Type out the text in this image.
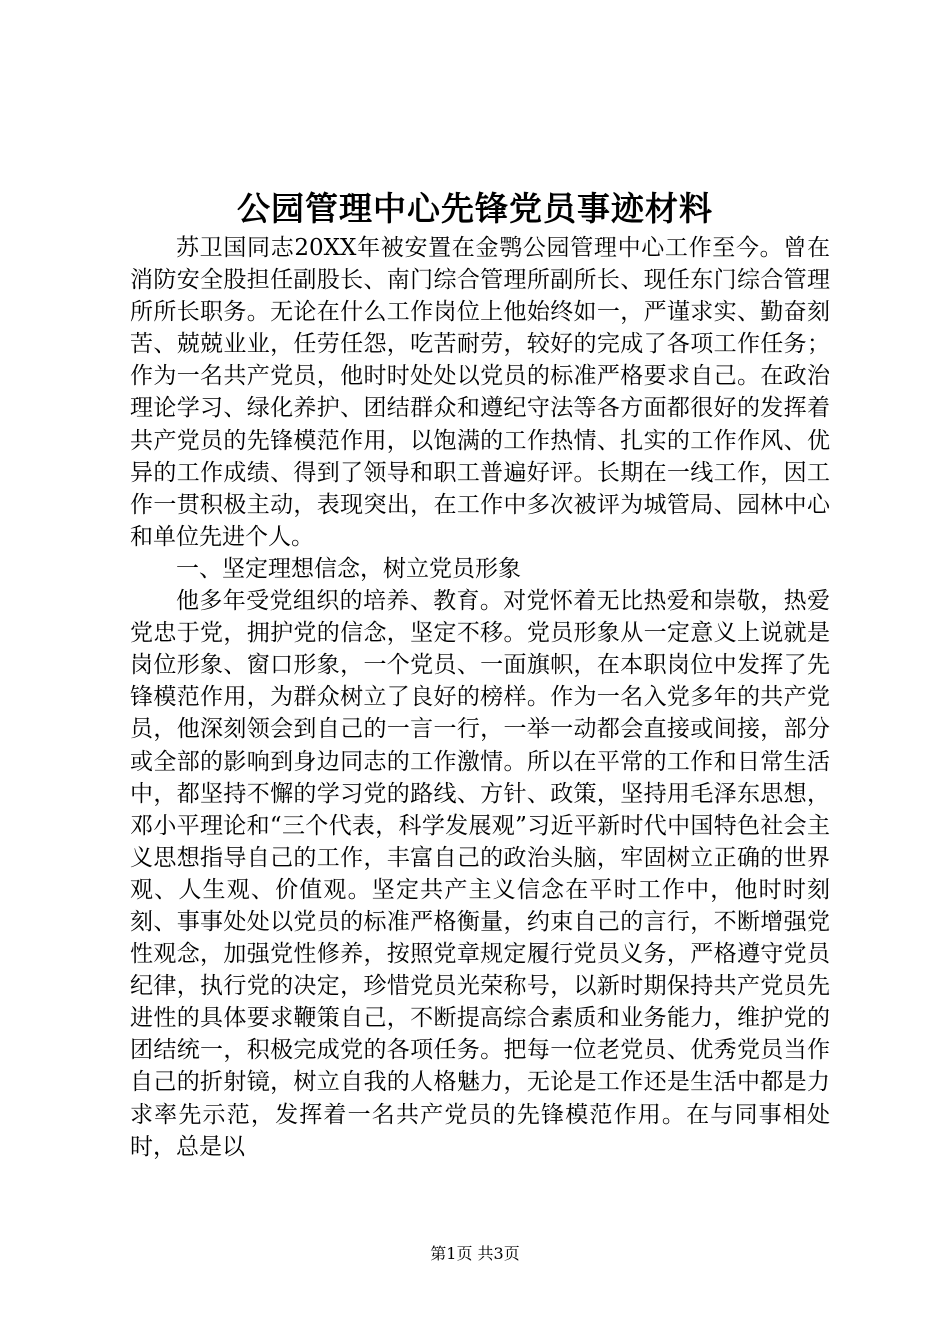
公园管理中心先锋党员事迹材料

苏卫国同志20XX年被安置在金鹗公园管理中心工作至今。曾在消防安全股担任副股长、南门综合管理所副所长、现任东门综合管理所所长职务。无论在什么工作岗位上他始终如一，严谨求实、勤奋刻苦、兢兢业业，任劳任怨，吃苦耐劳，较好的完成了各项工作任务；作为一名共产党员，他时时处处以党员的标准严格要求自己。在政治理论学习、绿化养护、团结群众和遵纪守法等各方面都很好的发挥着共产党员的先锋模范作用，以饱满的工作热情、扎实的工作作风、优异的工作成绩、得到了领导和职工普遍好评。长期在一线工作，因工作一贯积极主动，表现突出，在工作中多次被评为城管局、园林中心和单位先进个人。

一、坚定理想信念，树立党员形象

他多年受党组织的培养、教育。对党怀着无比热爱和崇敬，热爱党忠于党，拥护党的信念，坚定不移。党员形象从一定意义上说就是岗位形象、窗口形象，一个党员、一面旗帜，在本职岗位中发挥了先锋模范作用，为群众树立了良好的榜样。作为一名入党多年的共产党员，他深刻领会到自己的一言一行，一举一动都会直接或间接，部分或全部的影响到身边同志的工作激情。所以在平常的工作和日常生活中，都坚持不懈的学习党的路线、方针、政策，坚持用毛泽东思想，邓小平理论和“三个代表，科学发展观”习近平新时代中国特色社会主义思想指导自己的工作，丰富自己的政治头脑，牢固树立正确的世界观、人生观、价值观。坚定共产主义信念在平时工作中，他时时刻刻、事事处处以党员的标准严格衡量，约束自己的言行，不断增强党性观念，加强党性修养，按照党章规定履行党员义务，严格遵守党员纪律，执行党的决定，珍惜党员光荣称号，以新时期保持共产党员先进性的具体要求鞭策自己，不断提高综合素质和业务能力，维护党的团结统一，积极完成党的各项任务。把每一位老党员、优秀党员当作自己的折射镜，树立自我的人格魅力，无论是工作还是生活中都是力求率先示范，发挥着一名共产党员的先锋模范作用。在与同事相处时，总是以

第1页 共3页
